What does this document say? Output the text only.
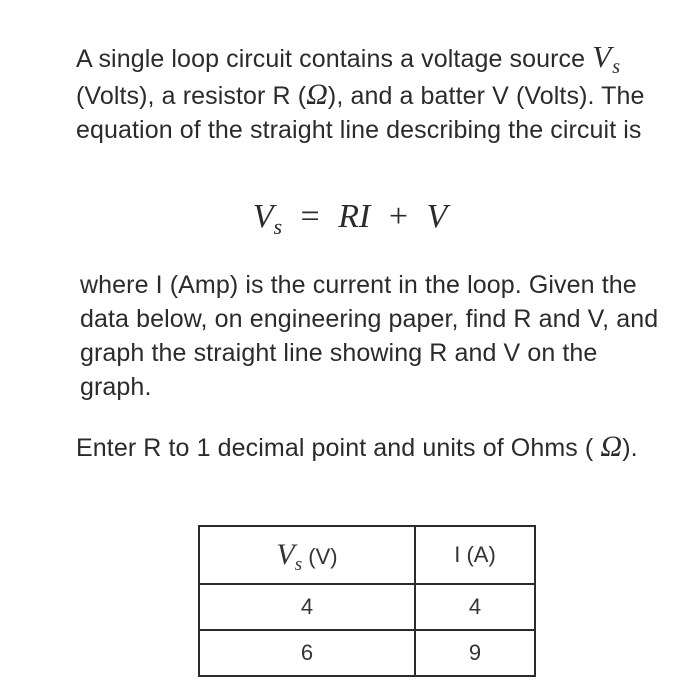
A single loop circuit contains a voltage source $V_s$ (Volts), a resistor R (Ω), and a batter V (Volts). The equation of the straight line describing the circuit is
$V_s$ = RI + V
where I (Amp) is the current in the loop. Given the data below, on engineering paper, find R and V, and graph the straight line showing R and V on the graph.
Enter R to 1 decimal point and units of Ohms ( Ω).
Vs (V)	I (A)
4	4
6	9
